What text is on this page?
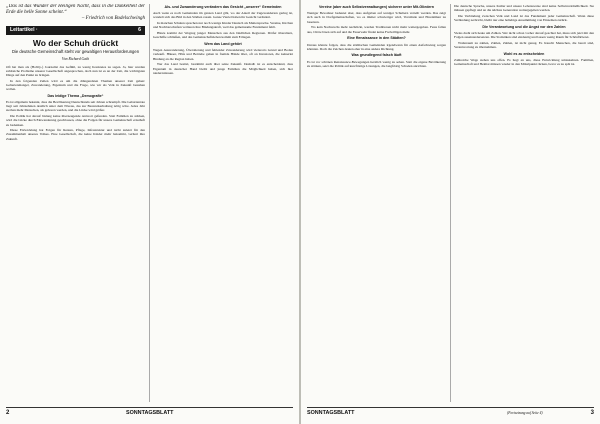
„Das ist das Wunder der Heiligen Nacht, dass in die Dunkelheit der Erde die helle Sonne scheint.“
– Friedrich von Bodelschwingh
Leitartikel ·	6
Wo der Schuh drückt
Die deutsche Gemeinschaft steht vor gewaltigen Herausforderungen
Von Richard Gath

Oft hat man als (Hobby-) Journalist das Gefühl, zu wenig Konkretes zu sagen. Ja, hier wurden zahlreiche Probleme unserer Gesellschaft angesprochen, doch nun ist es an der Zeit, die wichtigsten Dinge auf den Punkt zu bringen.

In den folgenden Zeilen wird es um die drängendsten Themen unserer Zeit gehen: Geburtenmangel, Zuwanderung, Eigentum und die Frage, wie wir als Volk in Zukunft bestehen wollen.

Das leidige Thema „Demografie“

Es ist allgemein bekannt, dass die Bevölkerung Deutschlands seit Jahren schrumpft. Die Geburtenrate liegt seit Jahrzehnten deutlich unter dem Niveau, das zur Bestandserhaltung nötig wäre. Jedes Jahr sterben mehr Menschen, als geboren werden, und die Lücke wird größer.

Die Politik hat darauf bislang keine überzeugende Antwort gefunden. Statt Familien zu stärken, wird die Lücke durch Einwanderung geschlossen, ohne die Folgen für unsere Gemeinschaft ernsthaft zu bedenken.

Diese Entwicklung hat Folgen für Renten, Pflege, Infrastruktur und nicht zuletzt für den Zusammenhalt unseres Volkes. Eine Gesellschaft, die keine Kinder mehr bekommt, verliert ihre Zukunft.

Als- und Zuwanderung verändern das Gesicht „unserer“ Gemeinden

Auch wenn es noch Gemeinden im ganzen Land gibt, wo der Anteil der Zugewanderten gering ist, wandelt sich das Bild in den Städten rasant. Ganze Viertel haben ihr Gesicht verändert.

In manchen Schulen sprechen nur noch wenige Kinder Deutsch als Muttersprache. Vereine, Kirchen und Nachbarschaften verlieren ihre Bindungskraft, weil das gemeinsame Fundament fehlt.

Hinzu kommt der Wegzug junger Menschen aus den ländlichen Regionen. Dörfer überaltern, Geschäfte schließen, und das Gemeinschaftsleben kommt zum Erliegen.

Wem das Land gehört

Wegen Auswanderung, Überalterung und fehlender Zuwanderung wird vielerorts Grund und Boden verkauft. Häuser, Höfe und Betriebe gehen in fremde Hände über, oft an Investoren, die keinerlei Bindung an die Region haben.

Wer das Land besitzt, bestimmt auch über seine Zukunft. Deshalb ist es entscheidend, dass Eigentum in deutscher Hand bleibt und junge Familien die Möglichkeit haben, sich hier niederzulassen.

2	SONNTAGSBLATT
Vereine (aber auch Selbstverwaltungen) sicherer unter Mit-Gliedern

Weniger Bewohner bedeutet aber, dass Aufgaben auf weniger Schultern verteilt werden. Das zeigt sich auch in Dorfgemeinschaften, wo es immer schwieriger wird, Vorstände und Ehrenämter zu besetzen.

Wo kein Nachwuchs mehr nachrückt, werden Traditionen nicht mehr weitergegeben. Feste fallen aus, Chöre lösen sich auf und die Feuerwehr findet keine Freiwilligen mehr.

Eine Renaissance in den Städten?

Daraus könnte folgen, dass die städtischen Gemeinden irgendwann für einen Aufschwung sorgen könnten. Doch die Zeichen deuten eher in eine andere Richtung.

Was grundlegend falsch läuft

Es ist vor schönen Renaissance-Bewegungen herzlich wenig zu sehen. Statt die eigene Bevölkerung zu stärken, setzt die Politik auf kurzfristige Lösungen, die langfristig Schaden anrichten.

Die deutsche Sprache, unsere Kultur und unsere Lebensweise sind keine Selbstverständlichkeit. Sie müssen gepflegt und an die nächste Generation weitergegeben werden.

Die Verbindung zwischen Volk und Land ist das Fundament jeder Gemeinschaft. Wenn diese Verbindung zerbricht, bleibt nur eine beliebige Ansammlung von Einzelnen zurück.

Die Verantwortung und die Angst vor den Zahlen

Vieles dreht sich heute um Zahlen. Wer nicht schon vorher darauf geachtet hat, muss sich jetzt mit den Folgen auseinandersetzen. Die Statistiken sind eindeutig und lassen wenig Raum für Schönfärberei.

Wohnraum zu zahlen, Zahlen, Zahlen, ist nicht genug. Es braucht Menschen, die bereit sind, Verantwortung zu übernehmen.

Wohl es zu entscheiden

Zahlreiche Wege stehen uns offen. Es liegt an uns, diese Entwicklung umzukehren. Familien, Gemeinschaft und Heimat müssen wieder in den Mittelpunkt rücken, bevor es zu spät ist.

SONNTAGSBLATT	(Fortsetzung auf Seite 4)	3
